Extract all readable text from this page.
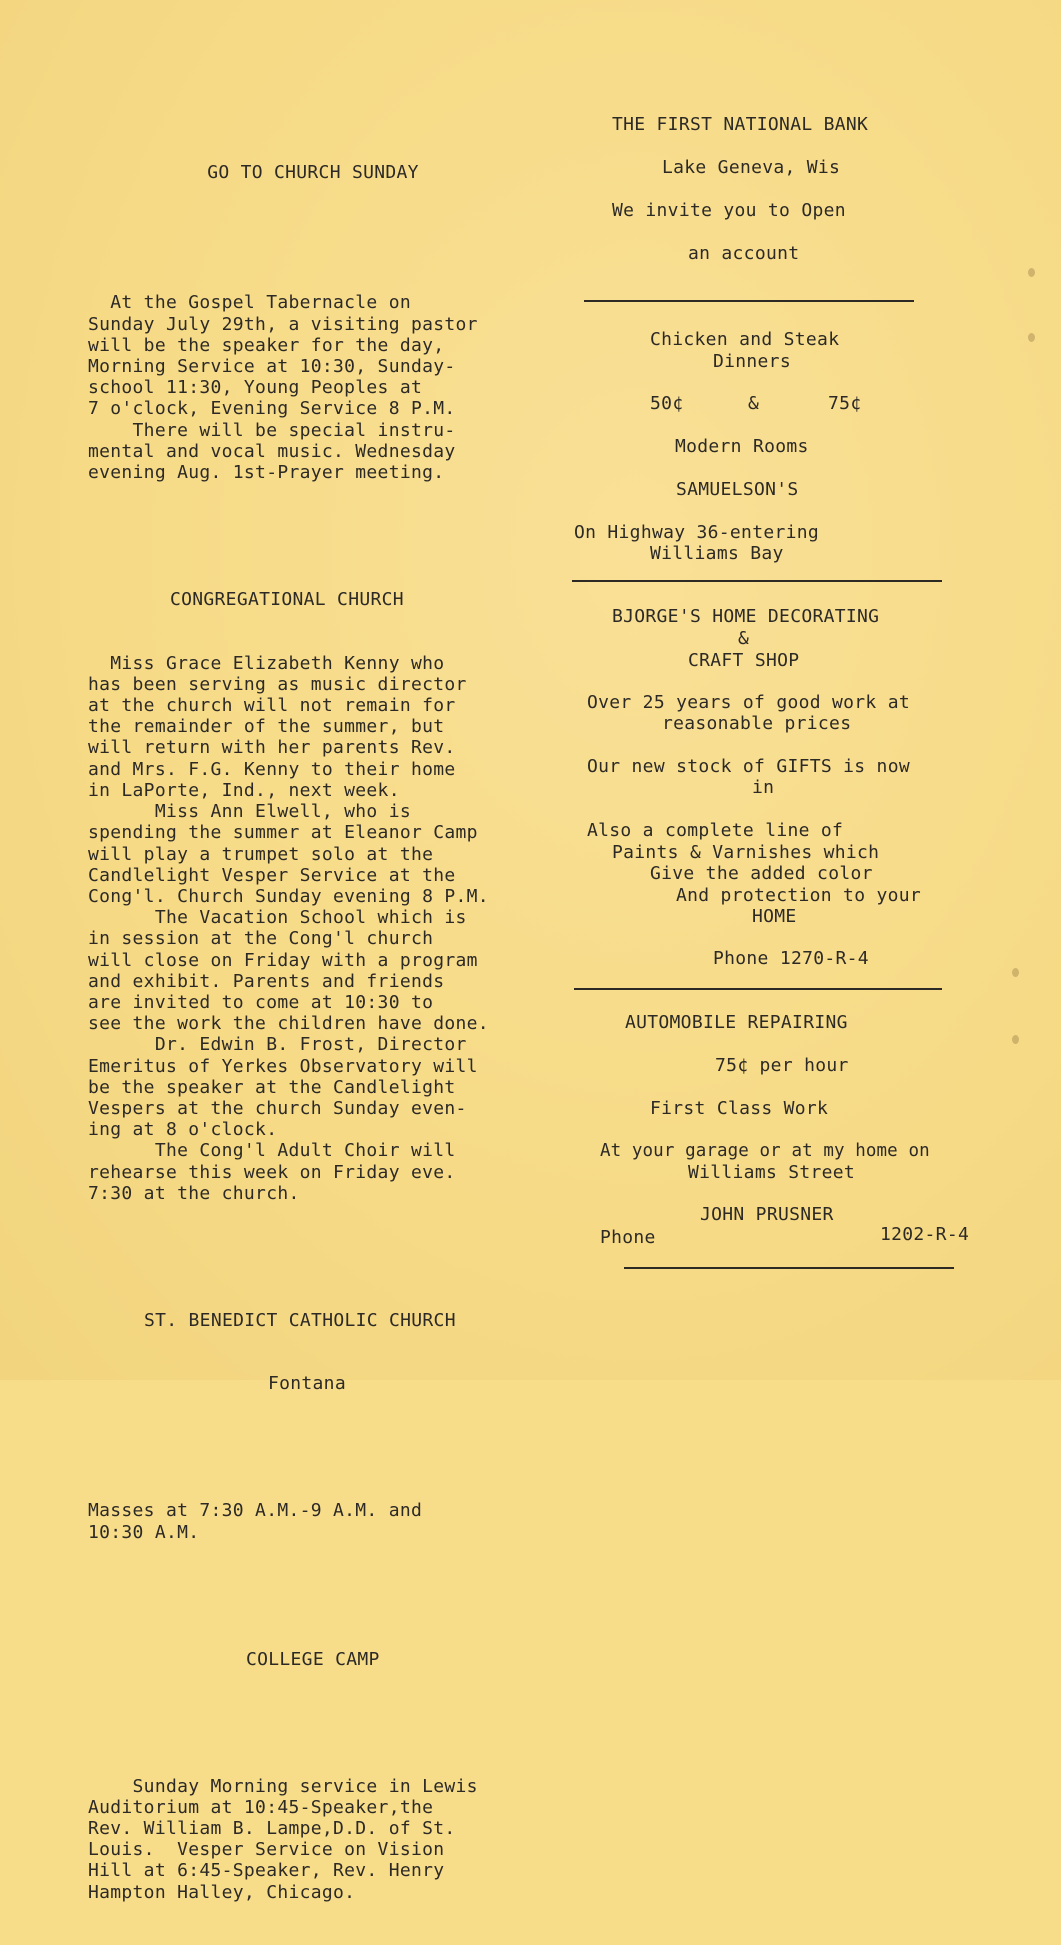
GO TO CHURCH SUNDAY

At the Gospel Tabernacle on
Sunday July 29th, a visiting pastor
will be the speaker for the day,
Morning Service at 10:30, Sunday-
school 11:30, Young Peoples at
7 o'clock, Evening Service 8 P.M.
There will be special instru-
mental and vocal music. Wednesday
evening Aug. 1st-Prayer meeting.

CONGREGATIONAL CHURCH

Miss Grace Elizabeth Kenny who
has been serving as music director
at the church will not remain for
the remainder of the summer, but
will return with her parents Rev.
and Mrs. F.G. Kenny to their home
in LaPorte, Ind., next week.
Miss Ann Elwell, who is
spending the summer at Eleanor Camp
will play a trumpet solo at the
Candlelight Vesper Service at the
Cong'l. Church Sunday evening 8 P.M.
The Vacation School which is
in session at the Cong'l church
will close on Friday with a program
and exhibit. Parents and friends
are invited to come at 10:30 to
see the work the children have done.
Dr. Edwin B. Frost, Director
Emeritus of Yerkes Observatory will
be the speaker at the Candlelight
Vespers at the church Sunday even-
ing at 8 o'clock.
The Cong'l Adult Choir will
rehearse this week on Friday eve.
7:30 at the church.

ST. BENEDICT CATHOLIC CHURCH

Fontana

Masses at 7:30 A.M.-9 A.M. and
10:30 A.M.

COLLEGE CAMP

Sunday Morning service in Lewis
Auditorium at 10:45-Speaker,the
Rev. William B. Lampe,D.D. of St.
Louis.  Vesper Service on Vision
Hill at 6:45-Speaker, Rev. Henry
Hampton Halley, Chicago.

THE FIRST NATIONAL BANK
Lake Geneva, Wis
We invite you to Open
an account
Chicken and Steak
Dinners
50¢	&	75¢
Modern Rooms
SAMUELSON'S
On Highway 36-entering
Williams Bay
BJORGE'S HOME DECORATING
&
CRAFT SHOP
Over 25 years of good work at
reasonable prices
Our new stock of GIFTS is now
in
Also a complete line of
Paints & Varnishes which
Give the added color
And protection to your
HOME
Phone 1270-R-4
AUTOMOBILE REPAIRING
75¢ per hour
First Class Work
At your garage or at my home on
Williams Street
JOHN PRUSNER
Phone	1202-R-4
